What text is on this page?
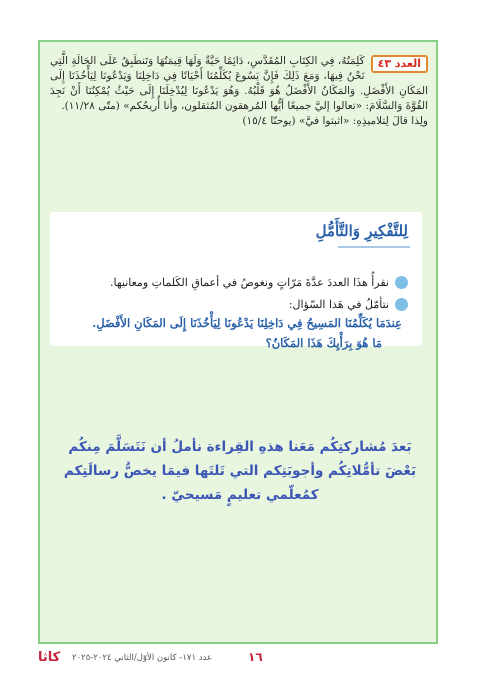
العدد ٤٣
كَلِمَتُهُ، فِي الكِتَابِ المُقَدَّسِ، دَائِمًا حَيَّةٌ وَلَهَا قِيمَتُهَا وَتَنطَبِقُ عَلَى الحَالَةِ الَّتِي نَحْنُ فِيهَا، وَمَعَ ذَلِكَ فَإِنَّ يَسُوعَ يُكَلِّمُنَا أَحْيَانًا فِي دَاخِلِنَا وَيَدْعُونَا لِيَأْخُذَنَا إِلَى المَكَانِ الأَفْضَلِ. وَالمَكَانُ الأَفْضَلُ هُوَ قَلْبُهُ. وَهُوَ يَدْعُونَا لِيُدْخِلَنَا إِلَى حَيْثُ يُمْكِنُنَا أَنْ نَجِدَ القُوَّةَ وَالسَّلَامَ: «تعالوا إليَّ جميعًا أيُّها المُرهقون المُثقلون، وأنا أُريحُكم» (متّى ١١/٢٨).
ولِذا قالَ لِتلاميذِهِ: «اثبتوا فيَّ» (يوحنّا ١٥/٤)
لِلتَّفْكِيرِ وَالتَّأَمُّلِ
نقرأُ هذَا العددَ عدَّةَ مَرّاتٍ ونغوصُ في أعماقِ الكَلماتِ ومعانيها.
نتأمّلُ في هَذا السّؤال:
عِندَمَا يُكَلِّمُنَا المَسِيحُ فِي دَاخِلِنَا يَدْعُونَا لِيَأْخُذَنَا إِلَى المَكَانِ الأَفْضَلِ.
مَا هُوَ بِرَأْيِكَ هَذَا المَكَانُ؟
بَعدَ مُشاركتِكُم مَعَنا هذهِ القِراءة نأملُ أن نَتَسَلَّمَ مِنكُم
بَعْضَ تأمُّلاتِكُم وأجوبَتِكم التي تَلتَها فيمَا يخصُّ رسالَتِكم
كمُعلّمي تعليمٍ مَسيحيّ .
كاثا عدد ١٧١- كانون الأوّل/الثاني ٢٠٢٤-٢٠٢٥	١٦
